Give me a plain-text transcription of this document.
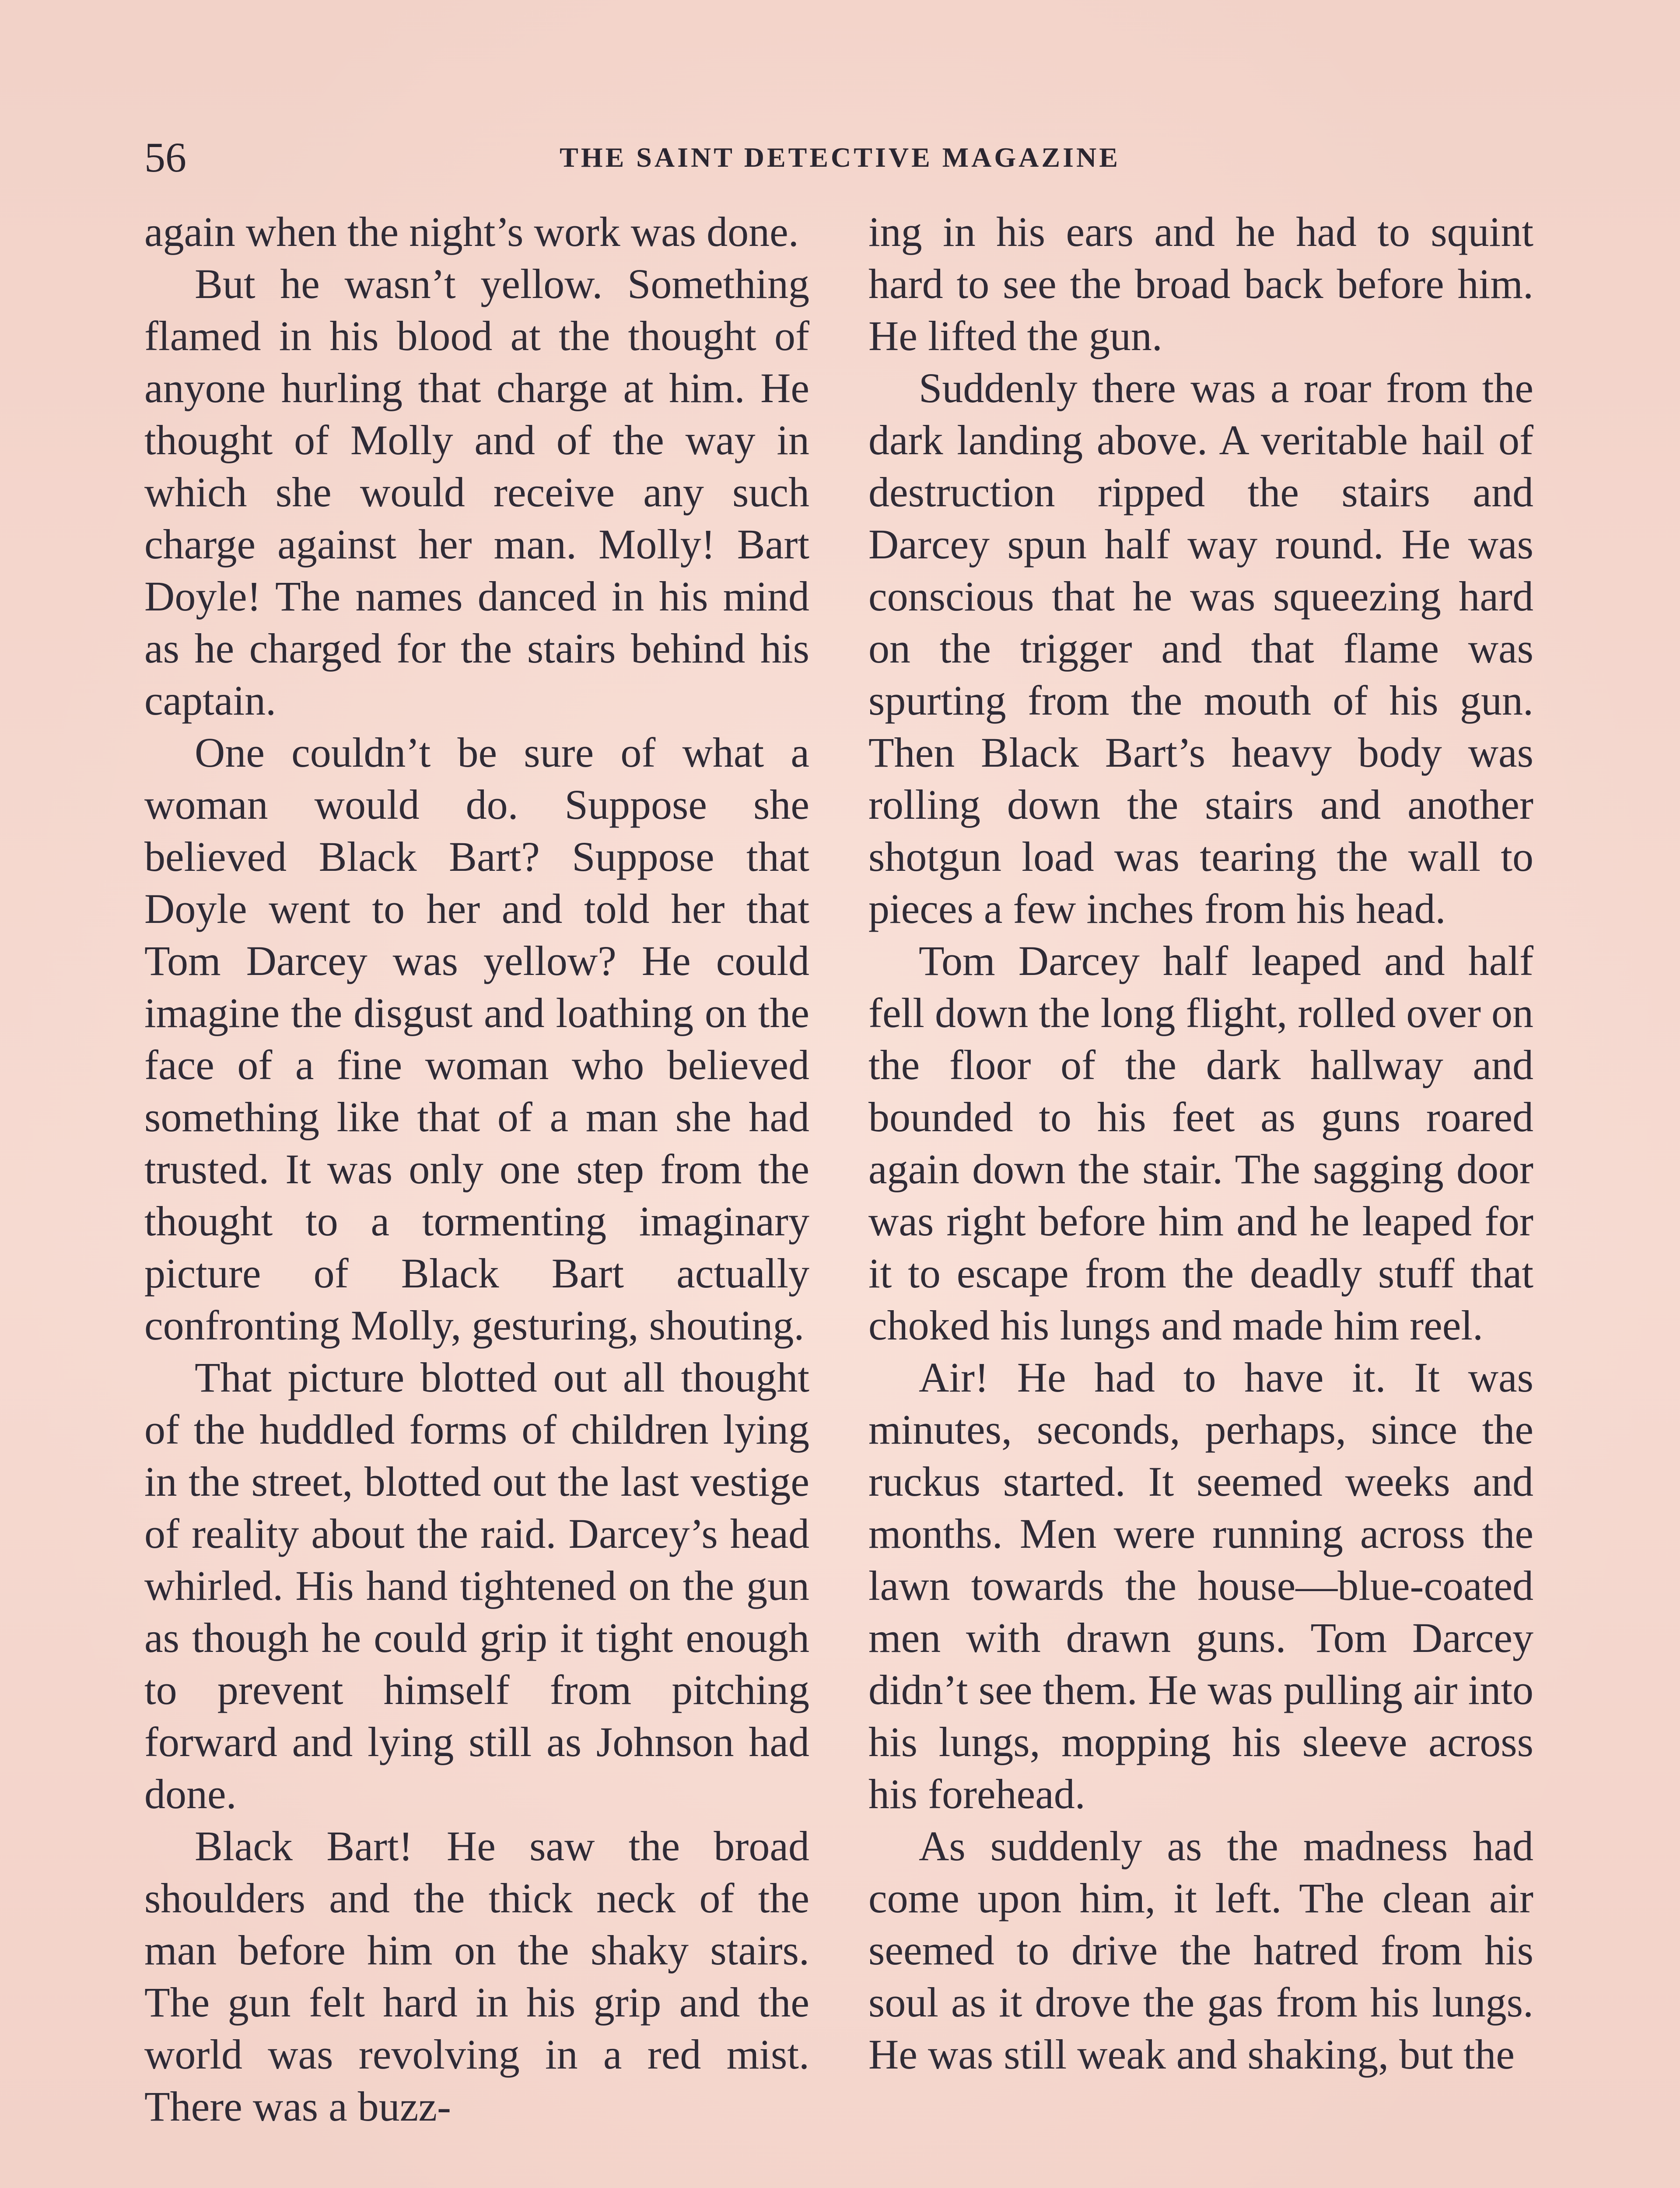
56	THE SAINT DETECTIVE MAGAZINE

again when the night’s work was done.

But he wasn’t yellow. Something flamed in his blood at the thought of anyone hurling that charge at him. He thought of Molly and of the way in which she would receive any such charge against her man. Molly! Bart Doyle! The names danced in his mind as he charged for the stairs behind his captain.

One couldn’t be sure of what a woman would do. Suppose she believed Black Bart? Suppose that Doyle went to her and told her that Tom Darcey was yellow? He could imagine the disgust and loathing on the face of a fine woman who believed something like that of a man she had trusted. It was only one step from the thought to a tormenting imaginary picture of Black Bart actually confronting Molly, gesturing, shouting.

That picture blotted out all thought of the huddled forms of children lying in the street, blotted out the last vestige of reality about the raid. Darcey’s head whirled. His hand tightened on the gun as though he could grip it tight enough to prevent himself from pitching forward and lying still as Johnson had done.

Black Bart! He saw the broad shoulders and the thick neck of the man before him on the shaky stairs. The gun felt hard in his grip and the world was revolving in a red mist. There was a buzz-

ing in his ears and he had to squint hard to see the broad back before him. He lifted the gun.

Suddenly there was a roar from the dark landing above. A veritable hail of destruction ripped the stairs and Darcey spun half way round. He was conscious that he was squeezing hard on the trigger and that flame was spurting from the mouth of his gun. Then Black Bart’s heavy body was rolling down the stairs and another shotgun load was tearing the wall to pieces a few inches from his head.

Tom Darcey half leaped and half fell down the long flight, rolled over on the floor of the dark hallway and bounded to his feet as guns roared again down the stair. The sagging door was right before him and he leaped for it to escape from the deadly stuff that choked his lungs and made him reel.

Air! He had to have it. It was minutes, seconds, perhaps, since the ruckus started. It seemed weeks and months. Men were running across the lawn towards the house—blue-coated men with drawn guns. Tom Darcey didn’t see them. He was pulling air into his lungs, mopping his sleeve across his forehead.

As suddenly as the madness had come upon him, it left. The clean air seemed to drive the hatred from his soul as it drove the gas from his lungs. He was still weak and shaking, but the
